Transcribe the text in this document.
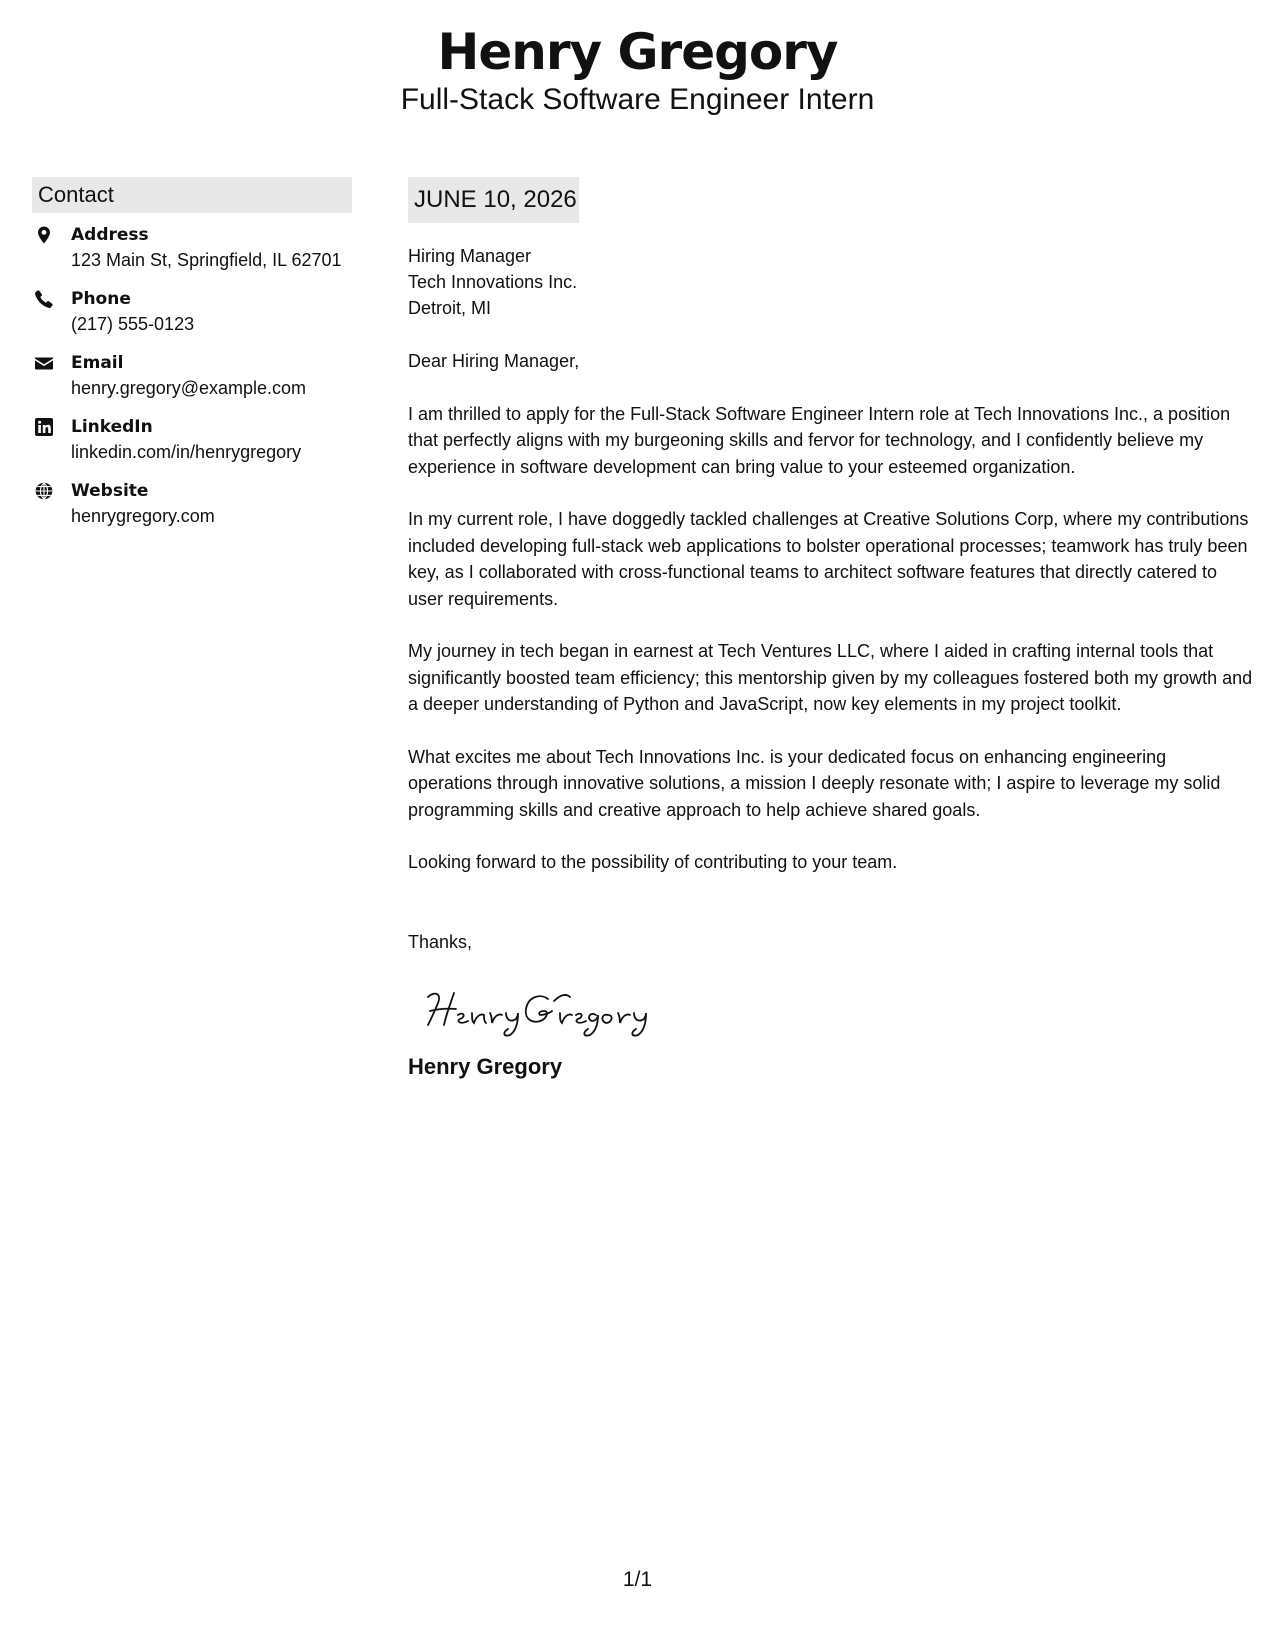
Henry Gregory
Full-Stack Software Engineer Intern
Contact
Address
123 Main St, Springfield, IL 62701
Phone
(217) 555-0123
Email
henry.gregory@example.com
LinkedIn
linkedin.com/in/henrygregory
Website
henrygregory.com
JUNE 10, 2026
Hiring Manager
Tech Innovations Inc.
Detroit, MI
Dear Hiring Manager,
I am thrilled to apply for the Full-Stack Software Engineer Intern role at Tech Innovations Inc., a position that perfectly aligns with my burgeoning skills and fervor for technology, and I confidently believe my experience in software development can bring value to your esteemed organization.
In my current role, I have doggedly tackled challenges at Creative Solutions Corp, where my contributions included developing full-stack web applications to bolster operational processes; teamwork has truly been key, as I collaborated with cross-functional teams to architect software features that directly catered to user requirements.
My journey in tech began in earnest at Tech Ventures LLC, where I aided in crafting internal tools that significantly boosted team efficiency; this mentorship given by my colleagues fostered both my growth and a deeper understanding of Python and JavaScript, now key elements in my project toolkit.
What excites me about Tech Innovations Inc. is your dedicated focus on enhancing engineering operations through innovative solutions, a mission I deeply resonate with; I aspire to leverage my solid programming skills and creative approach to help achieve shared goals.
Looking forward to the possibility of contributing to your team.
Thanks,
Henry Gregory
1/1
